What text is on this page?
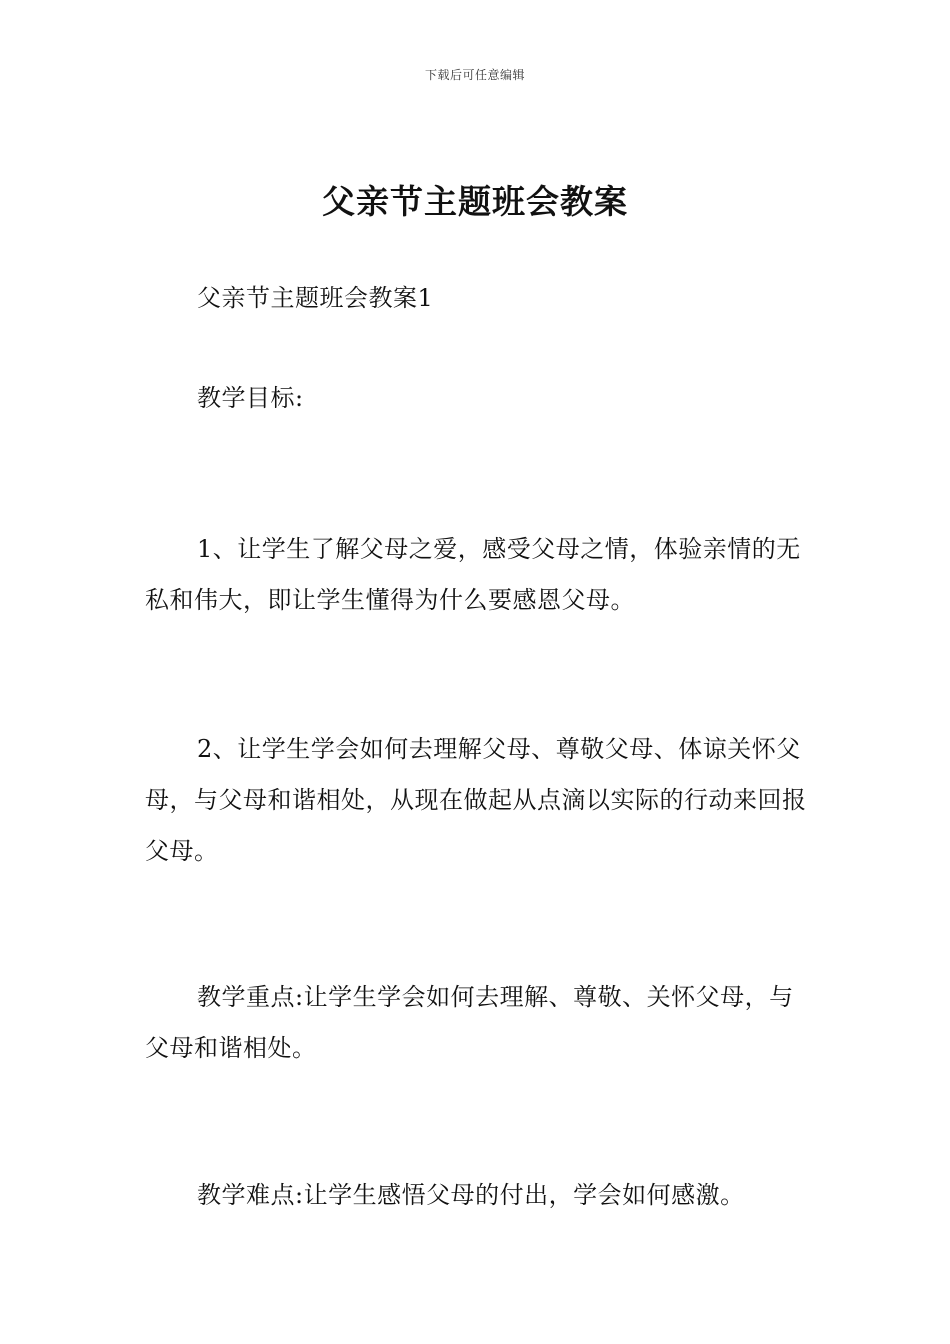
下载后可任意编辑
父亲节主题班会教案

父亲节主题班会教案1

教学目标:

1、让学生了解父母之爱，感受父母之情，体验亲情的无私和伟大，即让学生懂得为什么要感恩父母。

2、让学生学会如何去理解父母、尊敬父母、体谅关怀父母，与父母和谐相处，从现在做起从点滴以实际的行动来回报父母。

教学重点:让学生学会如何去理解、尊敬、关怀父母，与父母和谐相处。

教学难点:让学生感悟父母的付出，学会如何感激。
